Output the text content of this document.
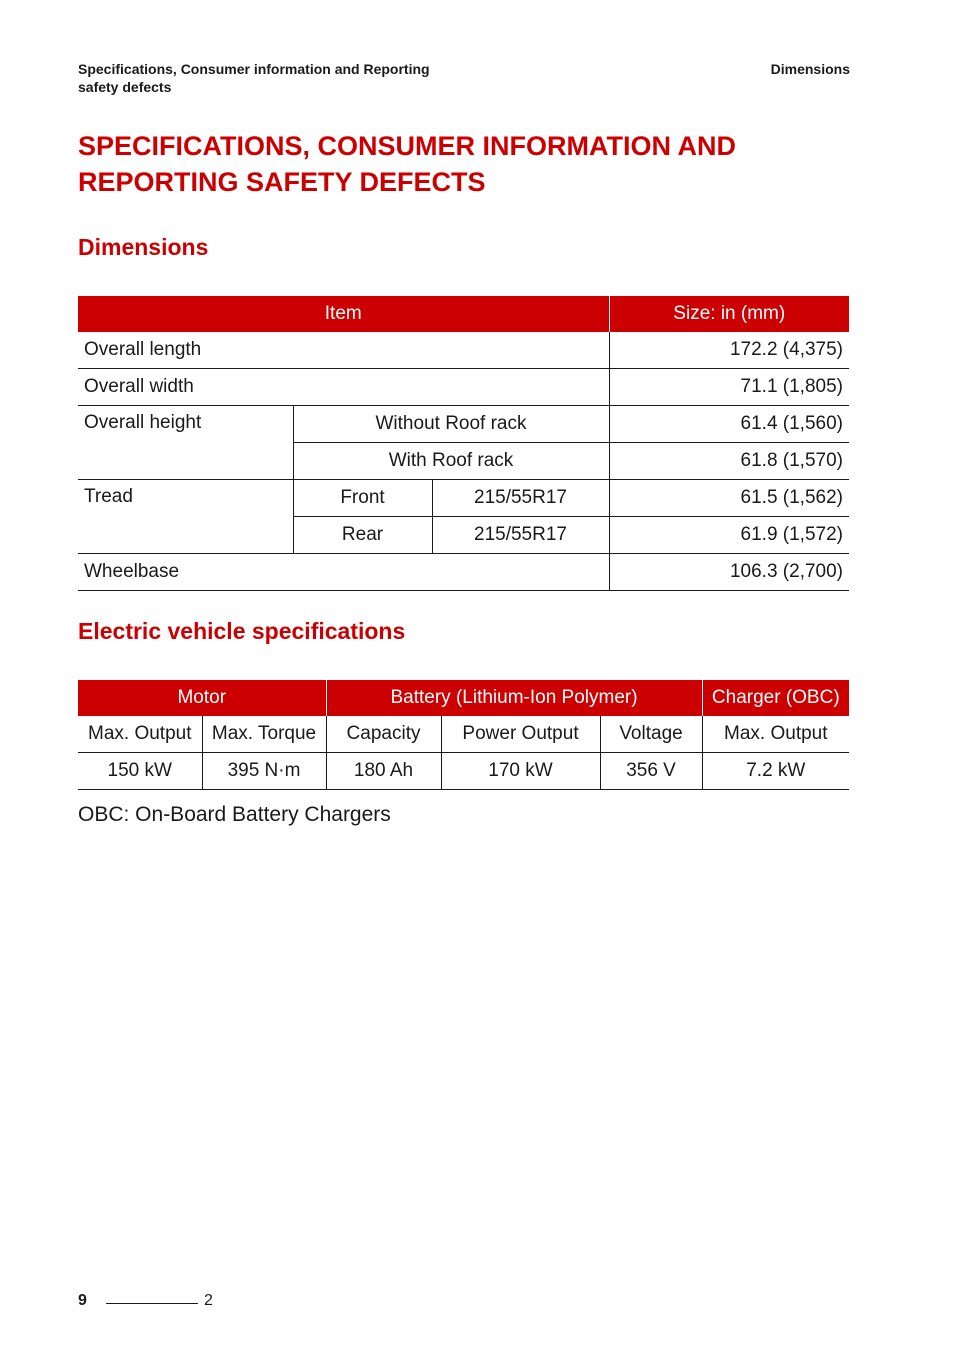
Specifications, Consumer information and Reporting safety defects
Dimensions
SPECIFICATIONS, CONSUMER INFORMATION AND REPORTING SAFETY DEFECTS
Dimensions
Item			Size: in (mm)
Overall length			172.2 (4,375)
Overall width			71.1 (1,805)
Overall height	Without Roof rack		61.4 (1,560)
	With Roof rack		61.8 (1,570)
Tread	Front	215/55R17	61.5 (1,562)
	Rear	215/55R17	61.9 (1,572)
Wheelbase			106.3 (2,700)
Electric vehicle specifications
Motor		Battery (Lithium-Ion Polymer)			Charger (OBC)
Max. Output	Max. Torque	Capacity	Power Output	Voltage	Max. Output
150 kW	395 N·m	180 Ah	170 kW	356 V	7.2 kW

OBC: On-Board Battery Chargers

9	2
